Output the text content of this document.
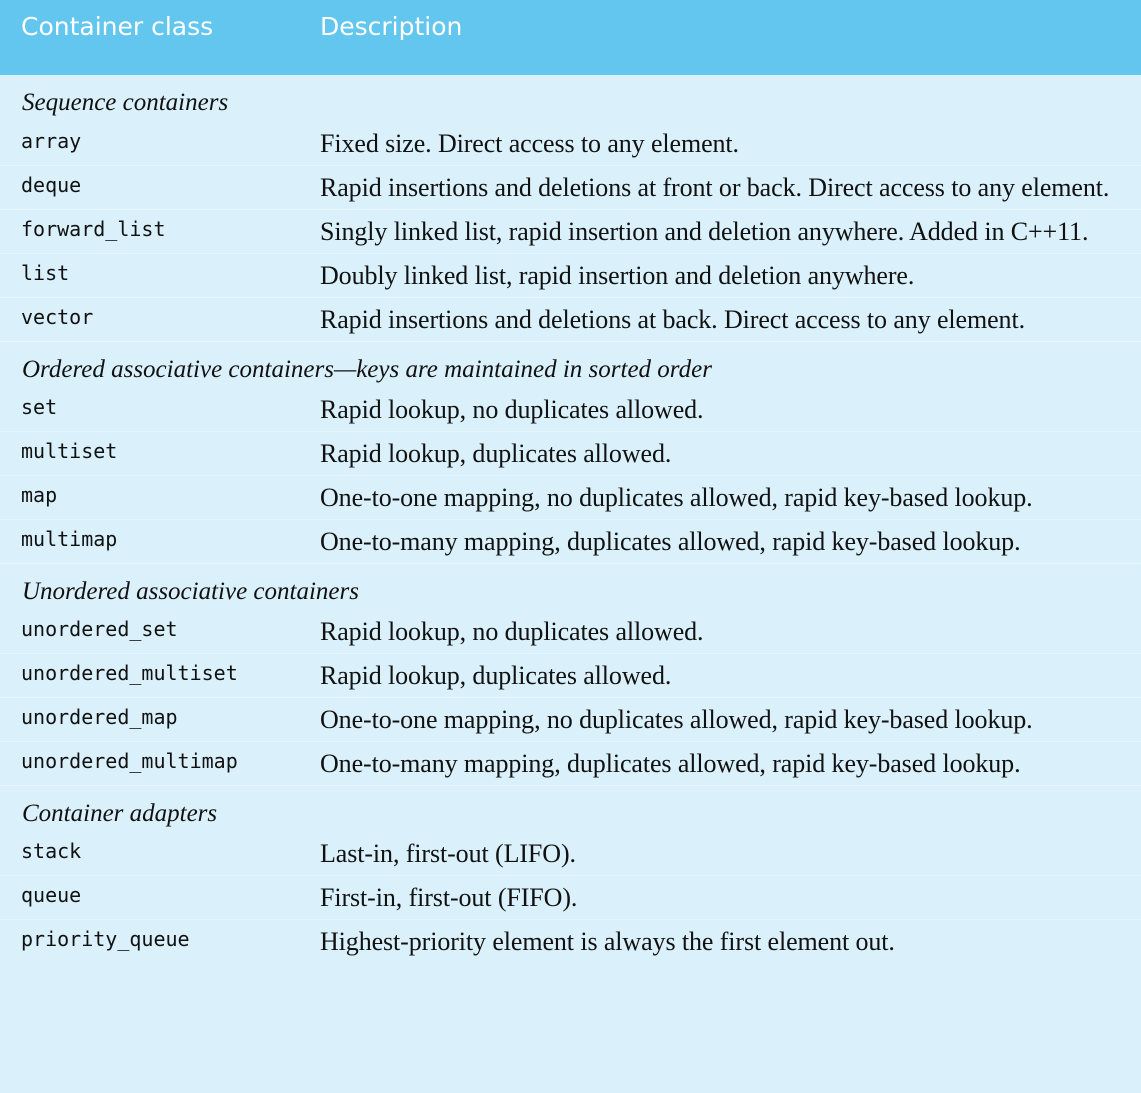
Container class	Description
Sequence containers
array	Fixed size. Direct access to any element.
deque	Rapid insertions and deletions at front or back. Direct access to any element.
forward_list	Singly linked list, rapid insertion and deletion anywhere. Added in C++11.
list	Doubly linked list, rapid insertion and deletion anywhere.
vector	Rapid insertions and deletions at back. Direct access to any element.
Ordered associative containers—keys are maintained in sorted order
set	Rapid lookup, no duplicates allowed.
multiset	Rapid lookup, duplicates allowed.
map	One-to-one mapping, no duplicates allowed, rapid key-based lookup.
multimap	One-to-many mapping, duplicates allowed, rapid key-based lookup.
Unordered associative containers
unordered_set	Rapid lookup, no duplicates allowed.
unordered_multiset	Rapid lookup, duplicates allowed.
unordered_map	One-to-one mapping, no duplicates allowed, rapid key-based lookup.
unordered_multimap	One-to-many mapping, duplicates allowed, rapid key-based lookup.
Container adapters
stack	Last-in, first-out (LIFO).
queue	First-in, first-out (FIFO).
priority_queue	Highest-priority element is always the first element out.
